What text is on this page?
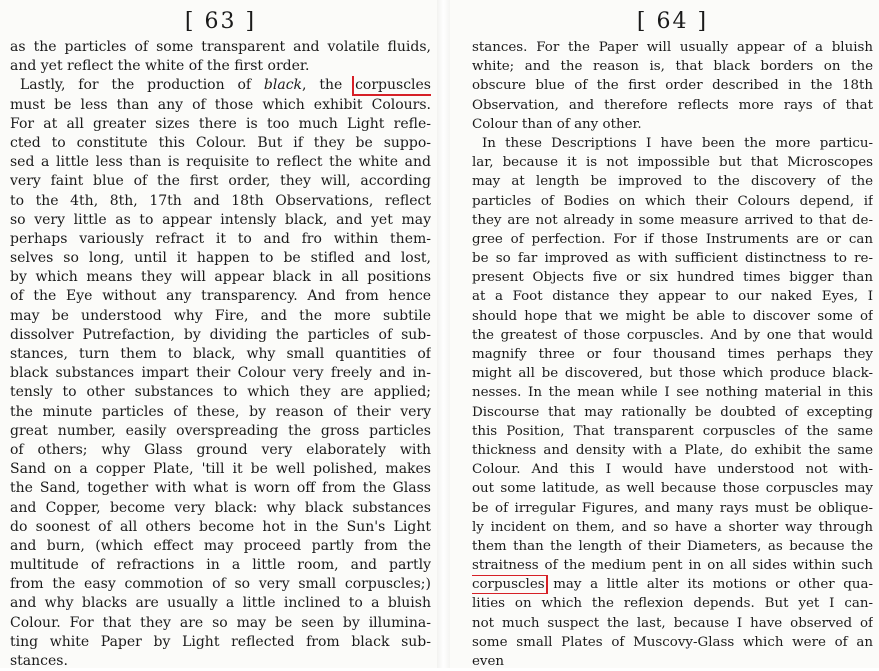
[ 63 ]
as the particles of some transparent and volatile fluids,
and yet reflect the white of the first order.
Lastly, for the production of black, the corpuscles
must be less than any of those which exhibit Colours.
For at all greater sizes there is too much Light refle-
cted to constitute this Colour. But if they be suppo-
sed a little less than is requisite to reflect the white and
very faint blue of the first order, they will, according
to the 4th, 8th, 17th and 18th Observations, reflect
so very little as to appear intensly black, and yet may
perhaps variously refract it to and fro within them-
selves so long, until it happen to be stifled and lost,
by which means they will appear black in all positions
of the Eye without any transparency. And from hence
may be understood why Fire, and the more subtile
dissolver Putrefaction, by dividing the particles of sub-
stances, turn them to black, why small quantities of
black substances impart their Colour very freely and in-
tensly to other substances to which they are applied;
the minute particles of these, by reason of their very
great number, easily overspreading the gross particles
of others; why Glass ground very elaborately with
Sand on a copper Plate, 'till it be well polished, makes
the Sand, together with what is worn off from the Glass
and Copper, become very black: why black substances
do soonest of all others become hot in the Sun's Light
and burn, (which effect may proceed partly from the
multitude of refractions in a little room, and partly
from the easy commotion of so very small corpuscles;)
and why blacks are usually a little inclined to a bluish
Colour. For that they are so may be seen by illumina-
ting white Paper by Light reflected from black sub-
stances.
[ 64 ]
stances. For the Paper will usually appear of a bluish
white; and the reason is, that black borders on the
obscure blue of the first order described in the 18th
Observation, and therefore reflects more rays of that
Colour than of any other.
In these Descriptions I have been the more particu-
lar, because it is not impossible but that Microscopes
may at length be improved to the discovery of the
particles of Bodies on which their Colours depend, if
they are not already in some measure arrived to that de-
gree of perfection. For if those Instruments are or can
be so far improved as with sufficient distinctness to re-
present Objects five or six hundred times bigger than
at a Foot distance they appear to our naked Eyes, I
should hope that we might be able to discover some of
the greatest of those corpuscles. And by one that would
magnify three or four thousand times perhaps they
might all be discovered, but those which produce black-
nesses. In the mean while I see nothing material in this
Discourse that may rationally be doubted of excepting
this Position, That transparent corpuscles of the same
thickness and density with a Plate, do exhibit the same
Colour. And this I would have understood not with-
out some latitude, as well because those corpuscles may
be of irregular Figures, and many rays must be oblique-
ly incident on them, and so have a shorter way through
them than the length of their Diameters, as because the
straitness of the medium pent in on all sides within such
corpuscles may a little alter its motions or other qua-
lities on which the reflexion depends. But yet I can-
not much suspect the last, because I have observed of
some small Plates of Muscovy-Glass which were of an
even
